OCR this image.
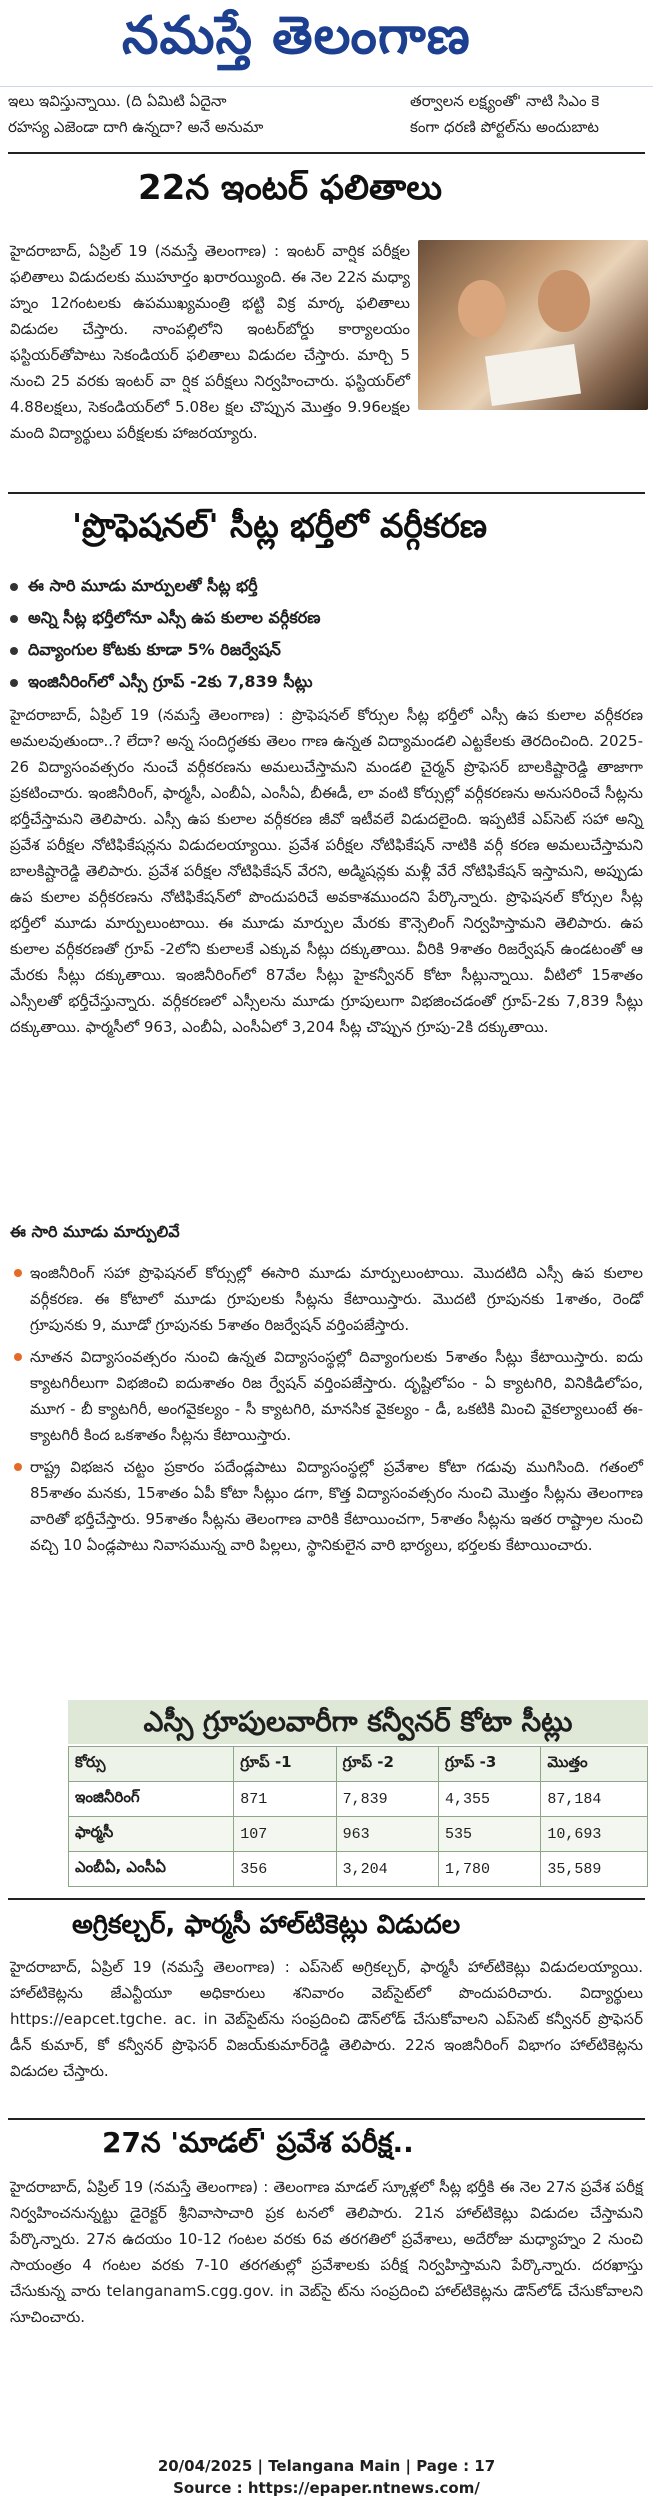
నమస్తే తెలంగాణ
ఇలు ఇవిస్తున్నాయి. (ది ఏమిటి ఏదైనా
రహస్య ఎజెండా దాగి ఉన్నదా? అనే అనుమా
తర్వాలన లక్ష్యంతో' నాటి సిఎం కె
కంగా ధరణి పోర్టల్‌ను అందుబాట
22న ఇంటర్ ఫలితాలు

హైదరాబాద్, ఏప్రిల్ 19 (నమస్తే తెలంగాణ) : ఇంటర్ వార్షిక పరీక్షల ఫలితాలు విడుదలకు ముహూర్తం ఖరారయ్యింది. ఈ నెల 22న మధ్యా హ్నం 12గంటలకు ఉపముఖ్యమంత్రి భట్టి విక్ర మార్క ఫలితాలు విడుదల చేస్తారు. నాంపల్లిలోని ఇంటర్‌బోర్డు కార్యాలయం ఫస్టియర్‌తోపాటు సెకండియర్ ఫలితాలు విడుదల చేస్తారు. మార్చి 5 నుంచి 25 వరకు ఇంటర్ వా ర్షిక పరీక్షలు నిర్వహించారు. ఫస్టియర్‌లో 4.88లక్షలు, సెకండియర్‌లో 5.08ల క్షల చొప్పున మొత్తం 9.96లక్షల మంది విద్యార్థులు పరీక్షలకు హాజరయ్యారు.

'ప్రొఫెషనల్' సీట్ల భర్తీలో వర్గీకరణ
ఈ సారి మూడు మార్పులతో సీట్ల భర్తీ
అన్ని సీట్ల భర్తీలోనూ ఎస్సీ ఉప కులాల వర్గీకరణ
దివ్యాంగుల కోటకు కూడా 5% రిజర్వేషన్
ఇంజినీరింగ్‌లో ఎస్సీ గ్రూప్ -2కు 7,839 సీట్లు

హైదరాబాద్, ఏప్రిల్ 19 (నమస్తే తెలంగాణ) : ప్రొఫెషనల్ కోర్సుల సీట్ల భర్తీలో ఎస్సీ ఉప కులాల వర్గీకరణ అమలవుతుందా..? లేదా? అన్న సందిగ్ధతకు తెలం గాణ ఉన్నత విద్యామండలి ఎట్టకేలకు తెరదించింది. 2025-26 విద్యాసంవత్సరం నుంచే వర్గీకరణను అమలుచేస్తామని మండలి చైర్మన్ ప్రొఫెసర్ బాలకిష్టారెడ్డి తాజాగా ప్రకటించారు. ఇంజినీరింగ్, ఫార్మసీ, ఎంబీఏ, ఎంసీఏ, బీఈడీ, లా వంటి కోర్సుల్లో వర్గీకరణను అనుసరించే సీట్లను భర్తీచేస్తామని తెలిపారు. ఎస్సీ ఉప కులాల వర్గీకరణ జీవో ఇటీవలే విడుదలైంది. ఇప్పటికే ఎప్‌సెట్ సహా అన్ని ప్రవేశ పరీక్షల నోటిఫికేషన్లను విడుదలయ్యాయి. ప్రవేశ పరీక్షల నోటిఫికేషన్ నాటికి వర్గీ కరణ అమలుచేస్తామని బాలకిష్టారెడ్డి తెలిపారు. ప్రవేశ పరీక్షల నోటిఫికేషన్ వేరని, అడ్మిషన్లకు మళ్లీ వేరే నోటిఫికేషన్ ఇస్తామని, అప్పుడు ఉప కులాల వర్గీకరణను నోటిఫికేషన్‌లో పొందుపరిచే అవకాశముందని పేర్కొన్నారు. ప్రొఫెషనల్ కోర్సుల సీట్ల భర్తీలో మూడు మార్పులుంటాయి. ఈ మూడు మార్పుల మేరకు కౌన్సెలింగ్ నిర్వహిస్తామని తెలిపారు. ఉప కులాల వర్గీకరణతో గ్రూప్ -2లోని కులాలకే ఎక్కువ సీట్లు దక్కుతాయి. వీరికి 9శాతం రిజర్వేషన్ ఉండటంతో ఆ మేరకు సీట్లు దక్కుతాయి. ఇంజినీరింగ్‌లో 87వేల సీట్లు హైకన్వీనర్ కోటా సీట్లున్నాయి. వీటిలో 15శాతం ఎస్సీలతో భర్తీచేస్తున్నారు. వర్గీకరణలో ఎస్సీలను మూడు గ్రూపులుగా విభజించడంతో గ్రూప్-2కు 7,839 సీట్లు దక్కుతాయి. ఫార్మసీలో 963, ఎంబీఏ, ఎంసీఏలో 3,204 సీట్ల చొప్పున గ్రూపు-2కి దక్కుతాయి.

ఈ సారి మూడు మార్పులివే
ఇంజినీరింగ్ సహా ప్రొఫెషనల్ కోర్సుల్లో ఈసారి మూడు మార్పులుంటాయి. మొదటిది ఎస్సీ ఉప కులాల వర్గీకరణ. ఈ కోటాలో మూడు గ్రూపులకు సీట్లను కేటాయిస్తారు. మొదటి గ్రూపునకు 1శాతం, రెండో గ్రూపునకు 9, మూడో గ్రూపునకు 5శాతం రిజర్వేషన్ వర్తింపజేస్తారు.
నూతన విద్యాసంవత్సరం నుంచి ఉన్నత విద్యాసంస్థల్లో దివ్యాంగులకు 5శాతం సీట్లు కేటాయిస్తారు. ఐదు క్యాటగిరీలుగా విభజించి ఐదుశాతం రిజ ర్వేషన్ వర్తింపజేస్తారు. దృష్టిలోపం - ఏ క్యాటగిరి, వినికిడిలోపం, మూగ - బీ క్యాటగిరీ, అంగవైకల్యం - సీ క్యాటగిరి, మానసిక వైకల్యం - డీ, ఒకటికి మించి వైకల్యాలుంటే ఈ-క్యాటగిరీ కింద ఒకశాతం సీట్లను కేటాయిస్తారు.
రాష్ట్ర విభజన చట్టం ప్రకారం పదేండ్లపాటు విద్యాసంస్థల్లో ప్రవేశాల కోటా గడువు ముగిసింది. గతంలో 85శాతం మనకు, 15శాతం ఏపీ కోటా సీట్లుం డగా, కొత్త విద్యాసంవత్సరం నుంచి మొత్తం సీట్లను తెలంగాణ వారితో భర్తీచేస్తారు. 95శాతం సీట్లను తెలంగాణ వారికి కేటాయించగా, 5శాతం సీట్లను ఇతర రాష్ట్రాల నుంచి వచ్చి 10 ఏండ్లపాటు నివాసమున్న వారి పిల్లలు, స్థానికులైన వారి భార్యలు, భర్తలకు కేటాయించారు.
ఎస్సీ గ్రూపులవారీగా కన్వీనర్ కోటా సీట్లు
కోర్సు	గ్రూప్ -1	గ్రూప్ -2	గ్రూప్ -3	మొత్తం
ఇంజినీరింగ్	871	7,839	4,355	87,184
ఫార్మసీ	107	963	535	10,693
ఎంబీఏ, ఎంసీఏ	356	3,204	1,780	35,589
అగ్రికల్చర్, ఫార్మసీ హాల్‌టికెట్లు విడుదల

హైదరాబాద్, ఏప్రిల్ 19 (నమస్తే తెలంగాణ) : ఎప్‌సెట్ అగ్రికల్చర్, ఫార్మసీ హాల్‌టికెట్లు విడుదలయ్యాయి. హాల్‌టికెట్లను జేఎన్టీయూ అధికారులు శనివారం వెబ్‌సైట్‌లో పొందుపరిచారు. విద్యార్థులు https://eapcet.tgche. ac. in వెబ్‌సైట్‌ను సంప్రదించి డౌన్‌లోడ్ చేసుకోవాలని ఎప్‌సెట్ కన్వీనర్ ప్రొఫెసర్ డీన్ కుమార్, కో కన్వీనర్ ప్రొఫెసర్ విజయ్‌కుమార్‌రెడ్డి తెలిపారు. 22న ఇంజినీరింగ్ విభాగం హాల్‌టికెట్లను విడుదల చేస్తారు.

27న 'మాడల్' ప్రవేశ పరీక్ష..

హైదరాబాద్, ఏప్రిల్ 19 (నమస్తే తెలంగాణ) : తెలంగాణ మాడల్ స్కూళ్లలో సీట్ల భర్తీకి ఈ నెల 27న ప్రవేశ పరీక్ష నిర్వహించనున్నట్టు డైరెక్టర్ శ్రీనివాసాచారి ప్రక టనలో తెలిపారు. 21న హాల్‌టికెట్లు విడుదల చేస్తామని పేర్కొన్నారు. 27న ఉదయం 10-12 గంటల వరకు 6వ తరగతిలో ప్రవేశాలు, అదేరోజు మధ్యాహ్నం 2 నుంచి సాయంత్రం 4 గంటల వరకు 7-10 తరగతుల్లో ప్రవేశాలకు పరీక్ష నిర్వహిస్తామని పేర్కొన్నారు. దరఖాస్తు చేసుకున్న వారు telanganamS.cgg.gov. in వెబ్‌సై ట్‌ను సంప్రదించి హాల్‌టికెట్లను డౌన్‌లోడ్ చేసుకోవాలని సూచించారు.

20/04/2025 | Telangana Main | Page : 17
Source : https://epaper.ntnews.com/
